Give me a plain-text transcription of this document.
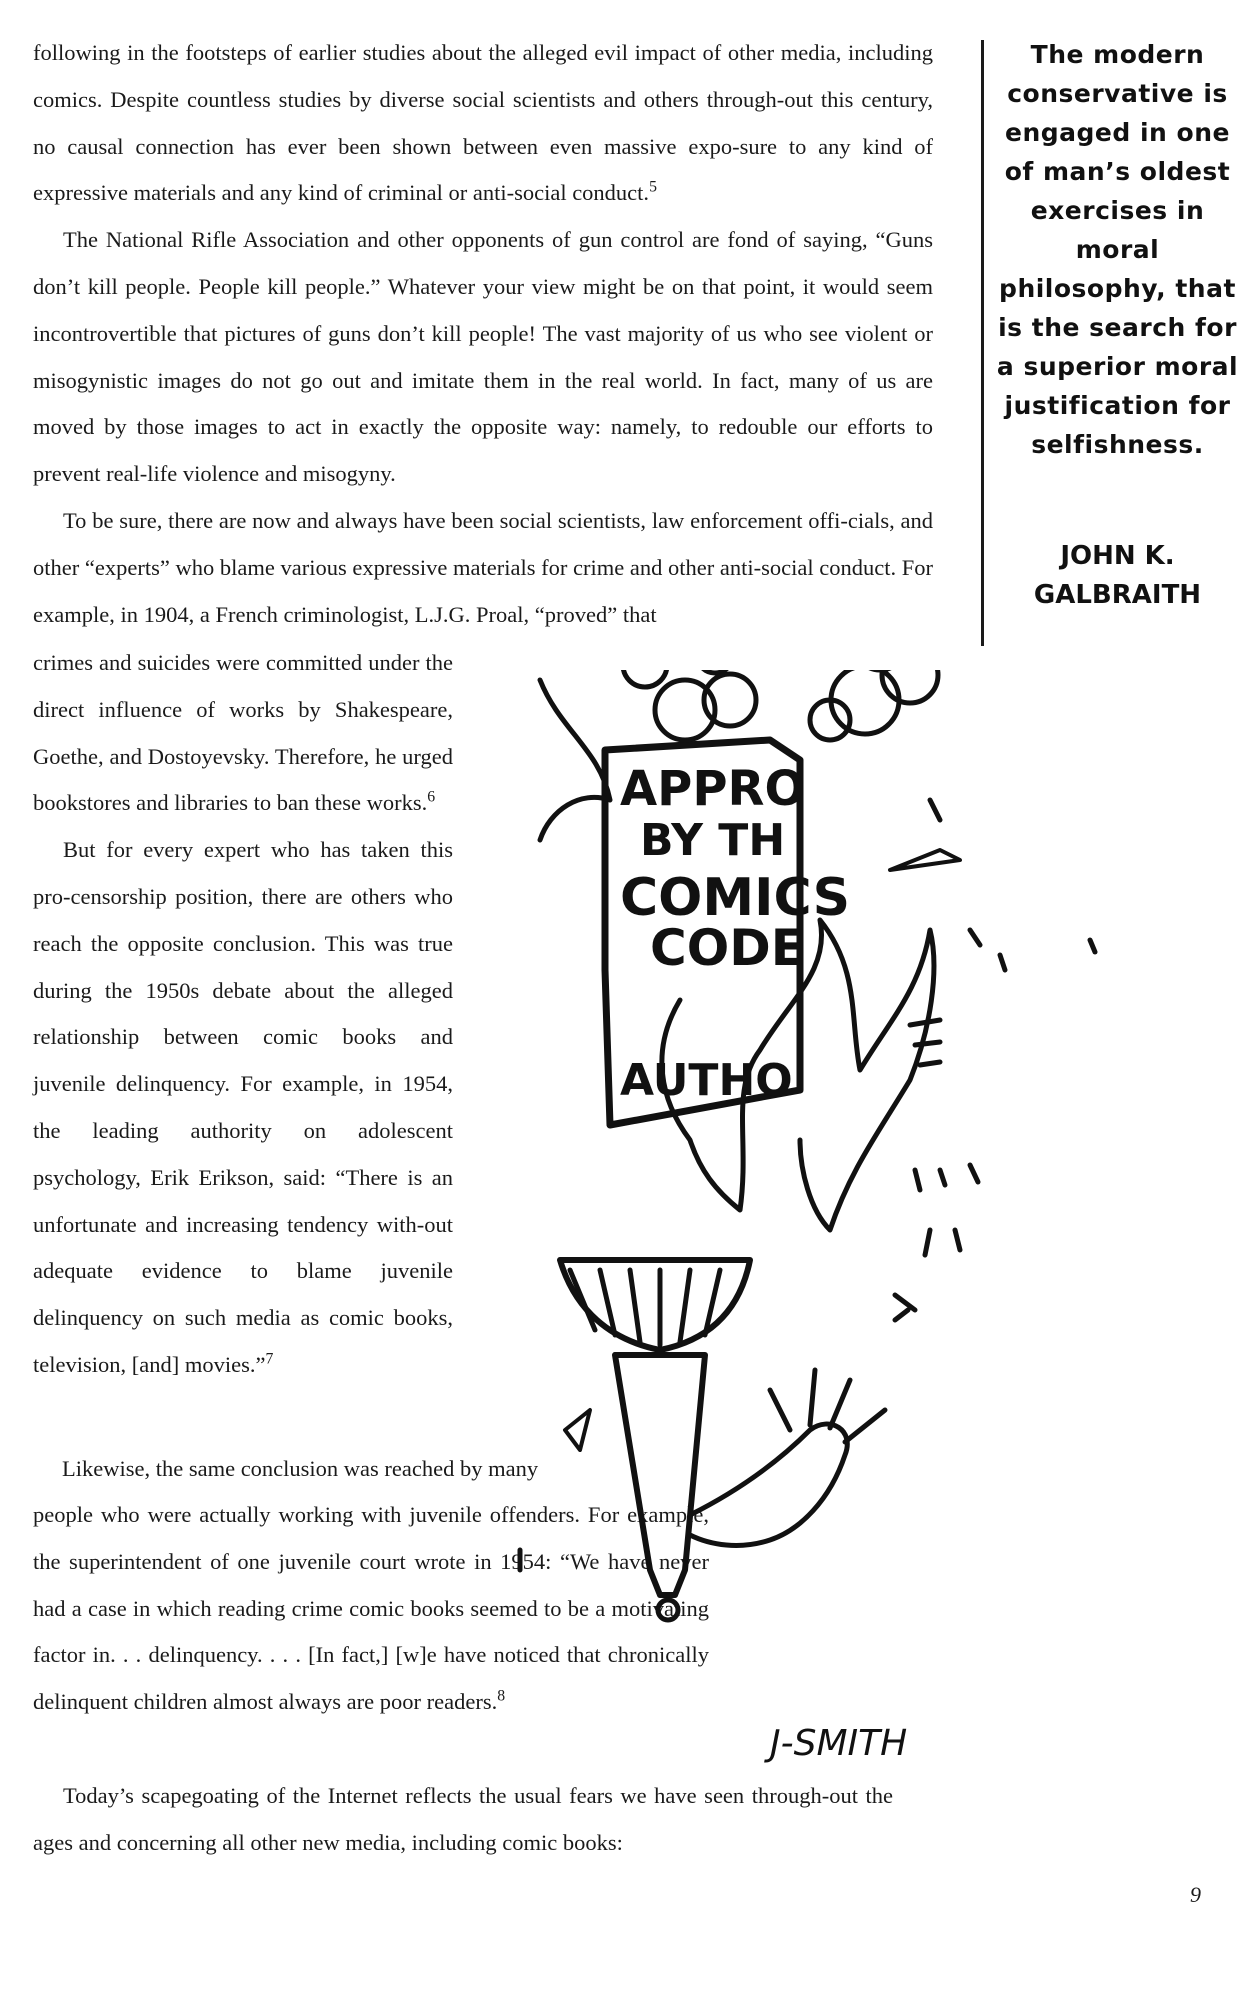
following in the footsteps of earlier studies about the alleged evil impact of other media, including comics. Despite countless studies by diverse social scientists and others through-out this century, no causal connection has ever been shown between even massive expo-sure to any kind of expressive materials and any kind of criminal or anti-social conduct.$^5$

The National Rifle Association and other opponents of gun control are fond of saying, “Guns don’t kill people. People kill people.” Whatever your view might be on that point, it would seem incontrovertible that pictures of guns don’t kill people! The vast majority of us who see violent or misogynistic images do not go out and imitate them in the real world. In fact, many of us are moved by those images to act in exactly the opposite way: namely, to redouble our efforts to prevent real-life violence and misogyny.

To be sure, there are now and always have been social scientists, law enforcement offi-cials, and other “experts” who blame various expressive materials for crime and other anti-social conduct. For example, in 1904, a French criminologist, L.J.G. Proal, “proved” that

The modern conservative is engaged in one of man’s oldest exercises in moral philosophy, that is the search for a superior moral justification for selfishness.
JOHN K. GALBRAITH

crimes and suicides were committed under the direct influence of works by Shakespeare, Goethe, and Dostoyevsky. Therefore, he urged bookstores and libraries to ban these works.$^6$

But for every expert who has taken this pro-censorship position, there are others who reach the opposite conclusion. This was true during the 1950s debate about the alleged relationship between comic books and juvenile delinquency. For example, in 1954, the leading authority on adolescent psychology, Erik Erikson, said: “There is an unfortunate and increasing tendency with-out adequate evidence to blame juvenile delinquency on such media as comic books, television, [and] movies.”$^7$

Likewise, the same conclusion was reached by many
people who were actually working with juvenile offenders. For example, the superintendent of one juvenile court wrote in 1954: “We have never had a case in which reading crime comic books seemed to be a motivating factor in. . . delinquency. . . . [In fact,] [w]e have noticed that chronically delinquent children almost always are poor readers.$^8$

Today’s scapegoating of the Internet reflects the usual fears we have seen through-out the ages and concerning all other new media, including comic books:

APPRO
BY TH
COMICS
CODE
AUTHO
J-SMITH
9
